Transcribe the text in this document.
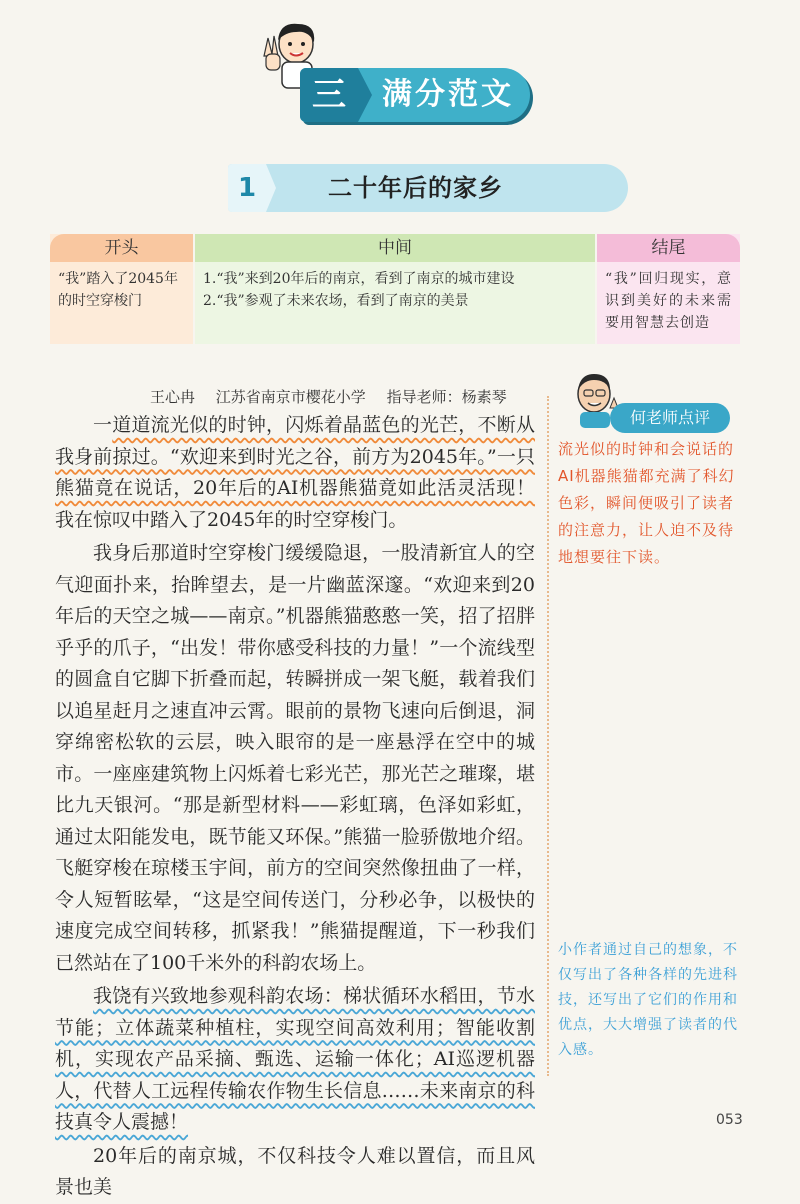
三	满分范文
1	二十年后的家乡
开头
“我”踏入了2045年的时空穿梭门
中间
1.“我”来到20年后的南京，看到了南京的城市建设
2.“我”参观了未来农场，看到了南京的美景
结尾
“我”回归现实，意识到美好的未来需要用智慧去创造
王心冉 江苏省南京市樱花小学 指导老师：杨素琴

一道道流光似的时钟，闪烁着晶蓝色的光芒，不断从我身前掠过。“欢迎来到时光之谷，前方为2045年。”一只熊猫竟在说话，20年后的AI机器熊猫竟如此活灵活现！我在惊叹中踏入了2045年的时空穿梭门。

我身后那道时空穿梭门缓缓隐退，一股清新宜人的空气迎面扑来，抬眸望去，是一片幽蓝深邃。“欢迎来到20年后的天空之城——南京。”机器熊猫憨憨一笑，招了招胖乎乎的爪子，“出发！带你感受科技的力量！”一个流线型的圆盒自它脚下折叠而起，转瞬拼成一架飞艇，载着我们以追星赶月之速直冲云霄。眼前的景物飞速向后倒退，洞穿绵密松软的云层，映入眼帘的是一座悬浮在空中的城市。一座座建筑物上闪烁着七彩光芒，那光芒之璀璨，堪比九天银河。“那是新型材料——彩虹璃，色泽如彩虹，通过太阳能发电，既节能又环保。”熊猫一脸骄傲地介绍。飞艇穿梭在琼楼玉宇间，前方的空间突然像扭曲了一样，令人短暂眩晕，“这是空间传送门，分秒必争，以极快的速度完成空间转移，抓紧我！”熊猫提醒道，下一秒我们已然站在了100千米外的科韵农场上。

我饶有兴致地参观科韵农场：梯状循环水稻田，节水节能；立体蔬菜种植柱，实现空间高效利用；智能收割机，实现农产品采摘、甄选、运输一体化；AI巡逻机器人，代替人工远程传输农作物生长信息……未来南京的科技真令人震撼！

20年后的南京城，不仅科技令人难以置信，而且风景也美

何老师点评
流光似的时钟和会说话的AI机器熊猫都充满了科幻色彩，瞬间便吸引了读者的注意力，让人迫不及待地想要往下读。
小作者通过自己的想象，不仅写出了各种各样的先进科技，还写出了它们的作用和优点，大大增强了读者的代入感。
053
